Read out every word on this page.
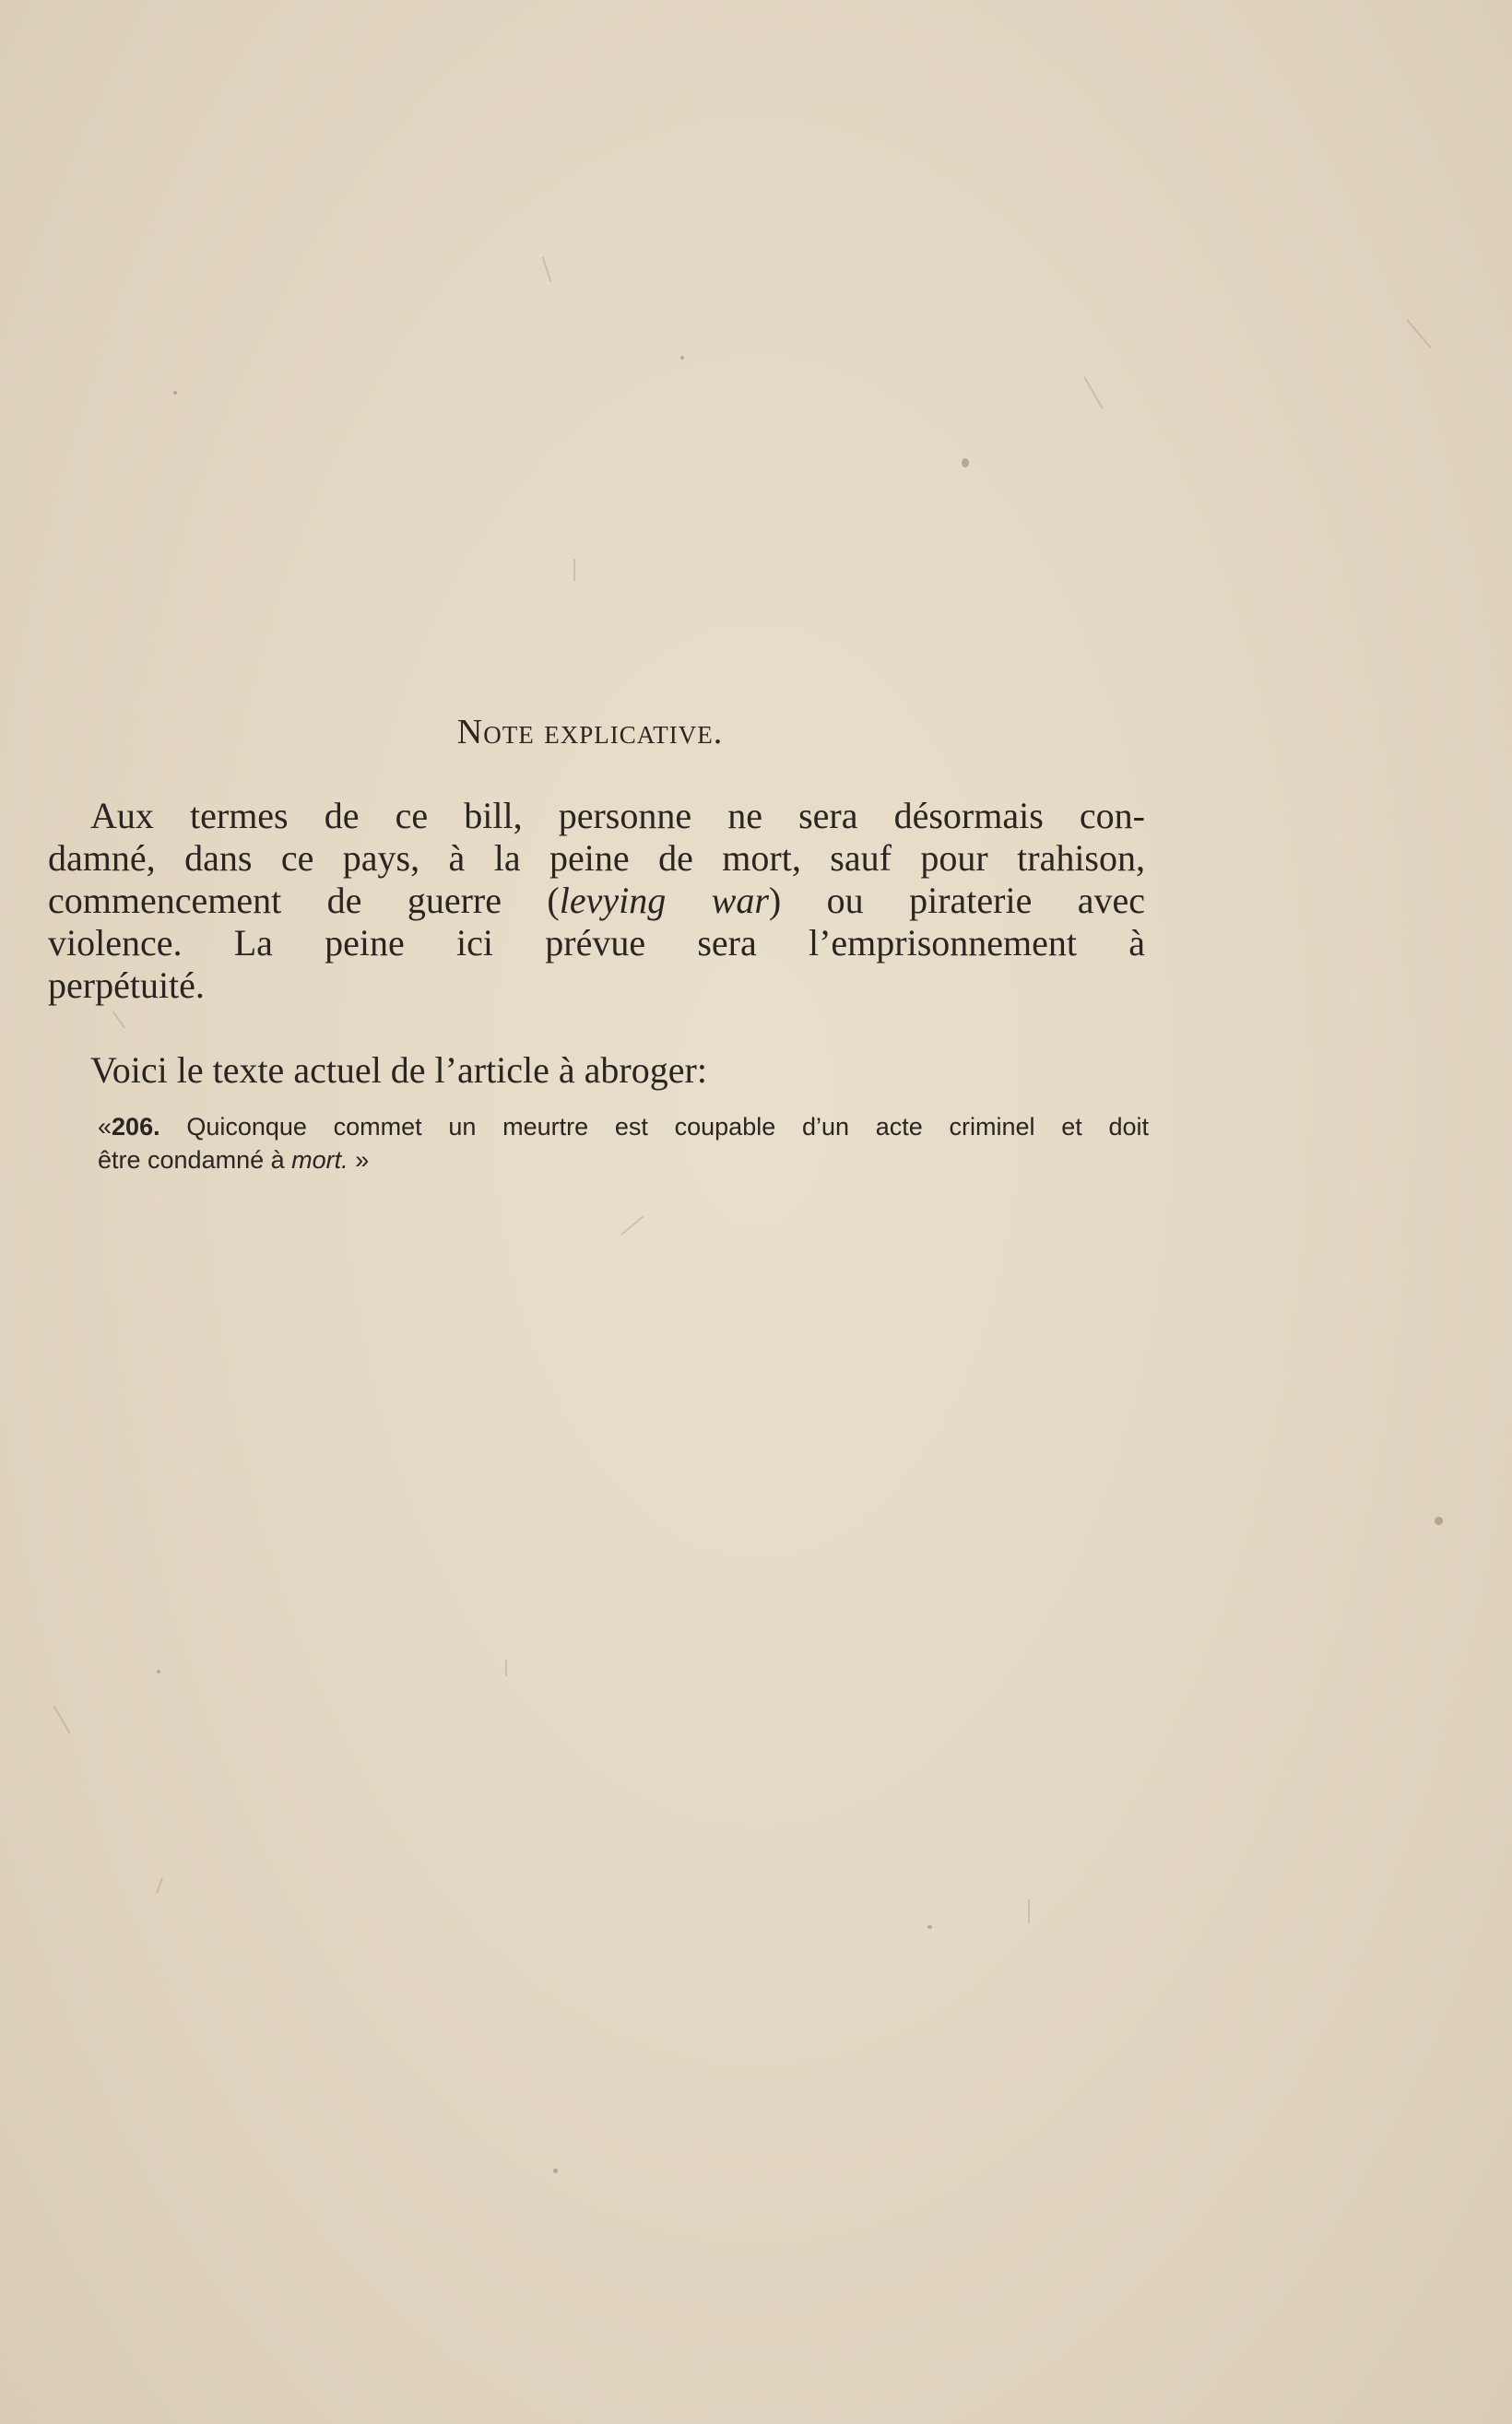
Note explicative.
Aux termes de ce bill, personne ne sera désormais con-
damné, dans ce pays, à la peine de mort, sauf pour trahison,
commencement de guerre (levying war) ou piraterie avec
violence. La peine ici prévue sera l’emprisonnement à
perpétuité.
Voici le texte actuel de l’article à abroger:
«206. Quiconque commet un meurtre est coupable d’un acte criminel et doit
être condamné à mort. »
